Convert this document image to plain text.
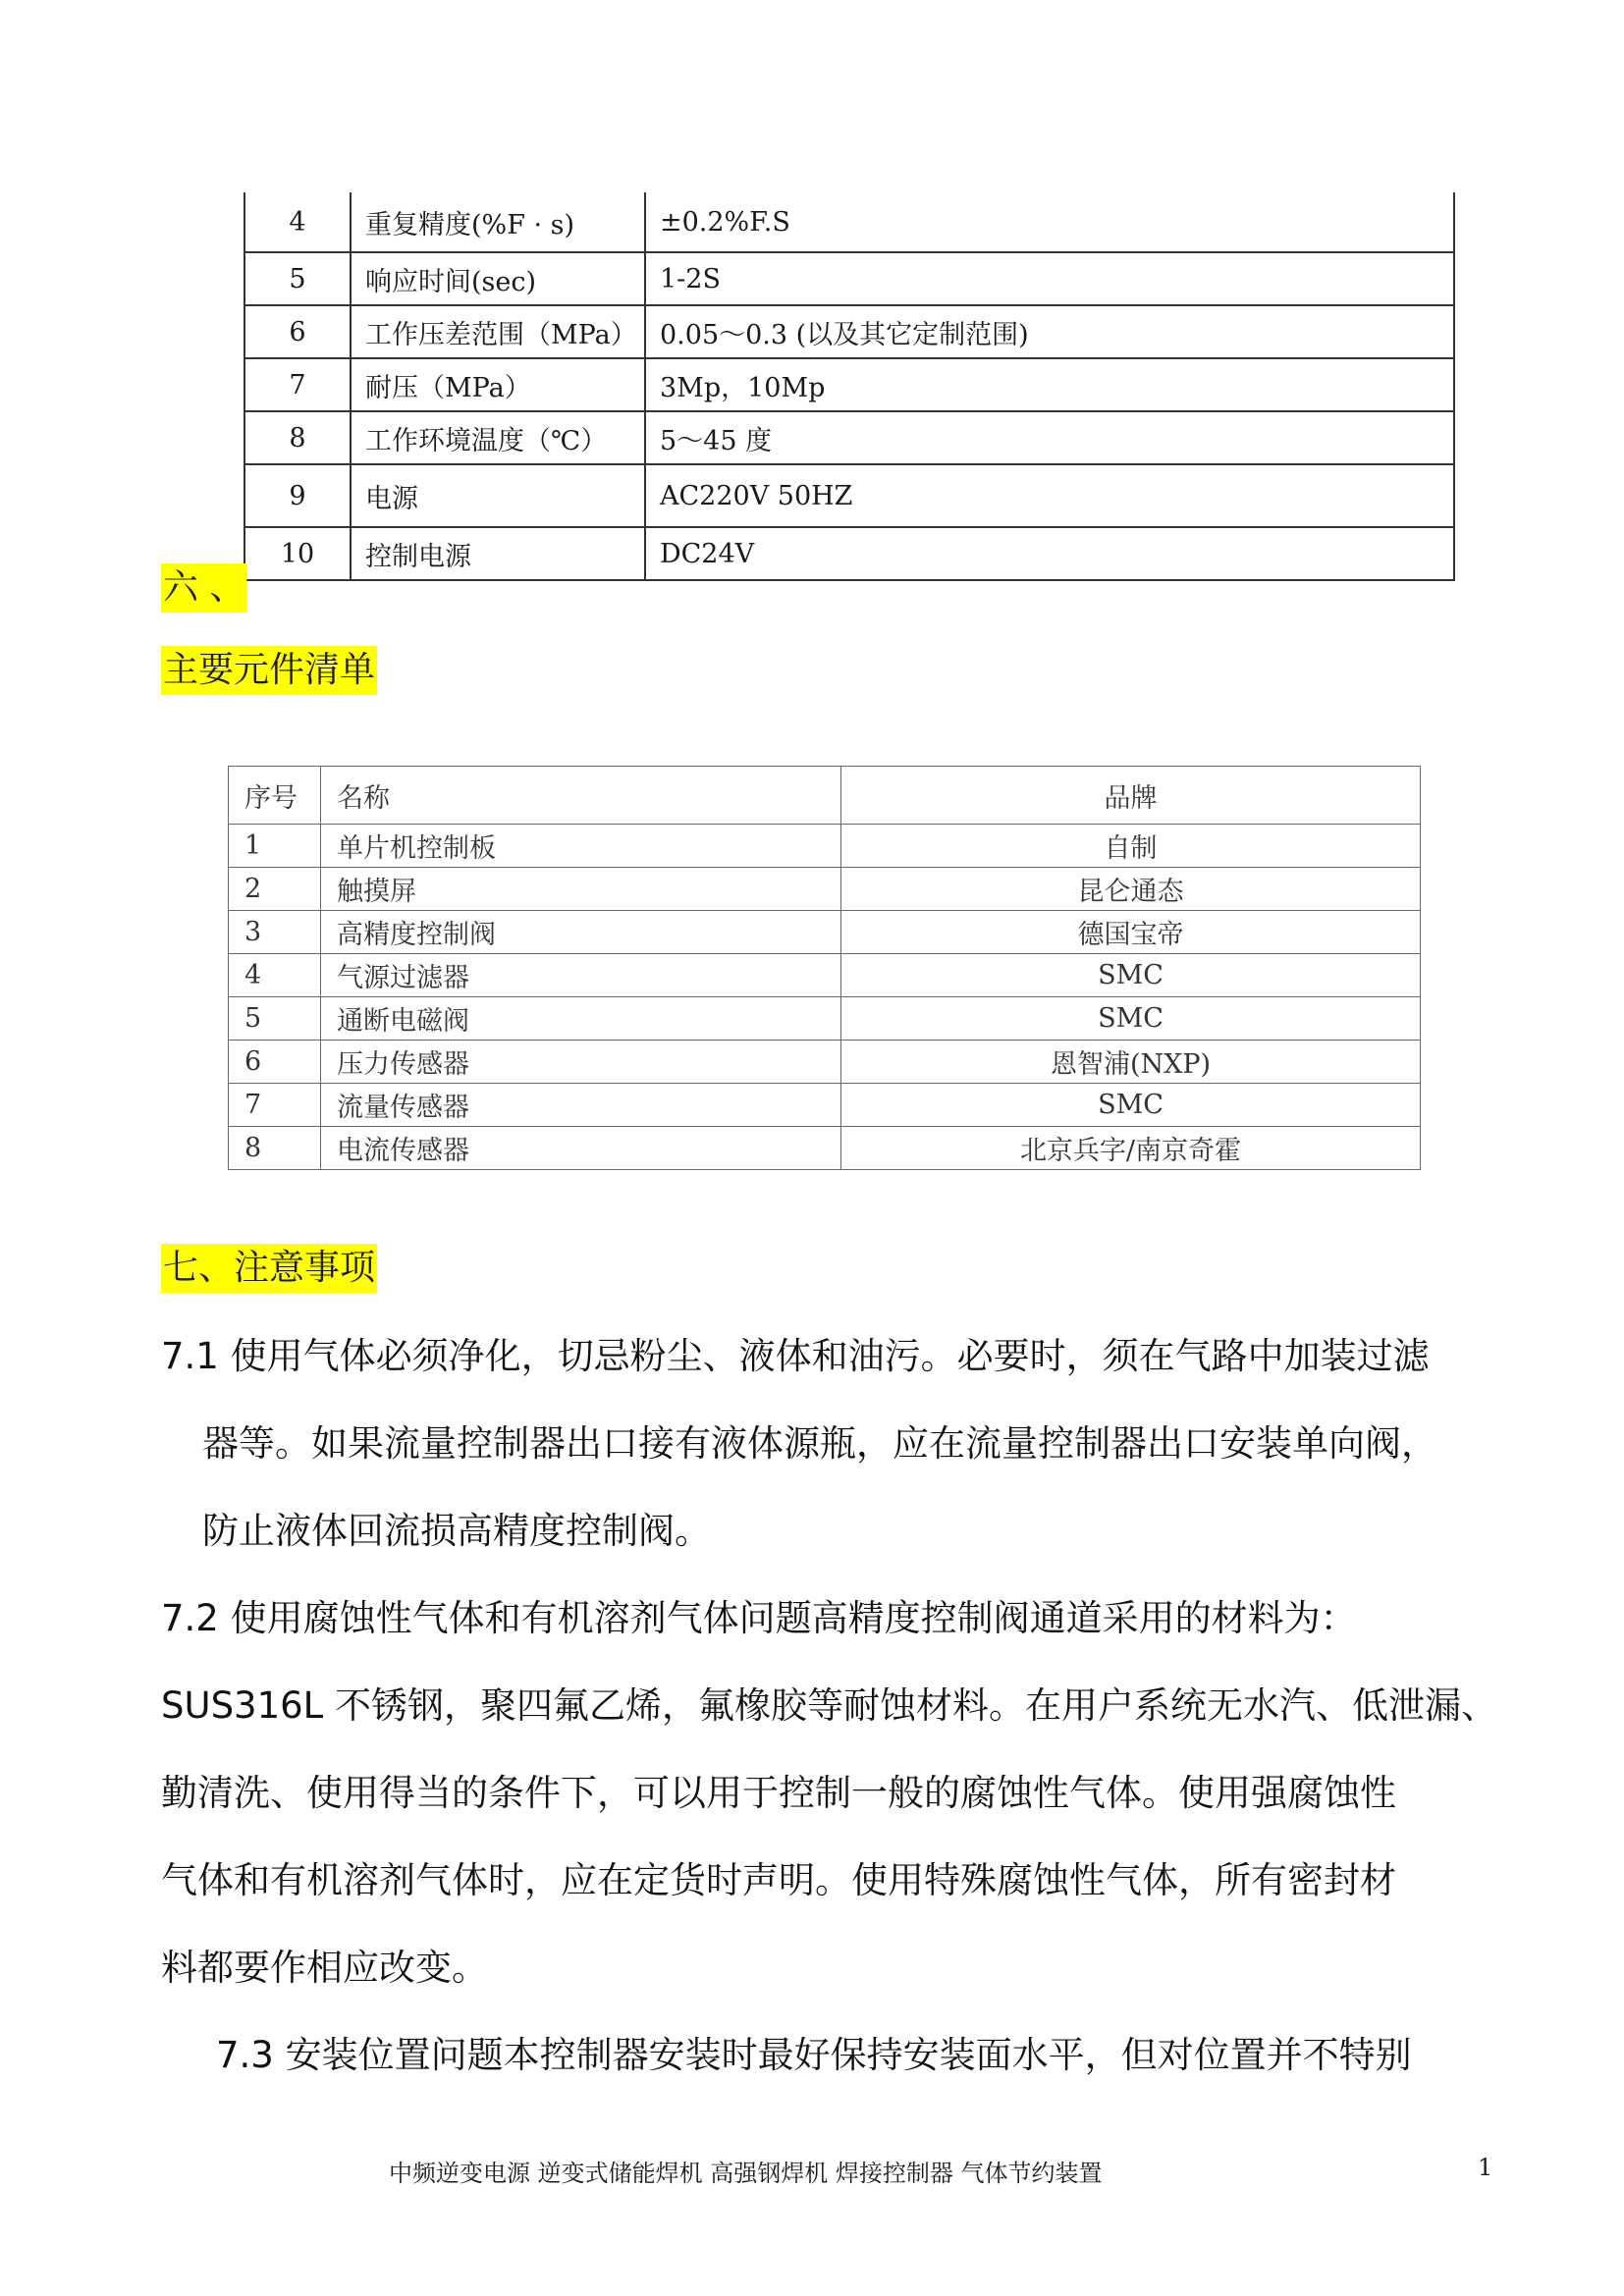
4	重复精度(%F · s)	±0.2%F.S
5	响应时间(sec)	1-2S
6	工作压差范围（MPa）	0.05～0.3 (以及其它定制范围)
7	耐压（MPa）	3Mp，10Mp
8	工作环境温度（℃）	5～45 度
9	电源	AC220V 50HZ
10	控制电源	DC24V
六 、
主要元件清单
序号	名称	品牌
1	单片机控制板	自制
2	触摸屏	昆仑通态
3	高精度控制阀	德国宝帝
4	气源过滤器	SMC
5	通断电磁阀	SMC
6	压力传感器	恩智浦(NXP)
7	流量传感器	SMC
8	电流传感器	北京兵字/南京奇霍
七、注意事项
7.1 使用气体必须净化，切忌粉尘、液体和油污。必要时，须在气路中加装过滤
器等。如果流量控制器出口接有液体源瓶，应在流量控制器出口安装单向阀，
防止液体回流损高精度控制阀。
7.2 使用腐蚀性气体和有机溶剂气体问题高精度控制阀通道采用的材料为：
SUS316L 不锈钢，聚四氟乙烯，氟橡胶等耐蚀材料。在用户系统无水汽、低泄漏、
勤清洗、使用得当的条件下，可以用于控制一般的腐蚀性气体。使用强腐蚀性
气体和有机溶剂气体时，应在定货时声明。使用特殊腐蚀性气体，所有密封材
料都要作相应改变。
7.3 安装位置问题本控制器安装时最好保持安装面水平，但对位置并不特别
中频逆变电源 逆变式储能焊机 高强钢焊机 焊接控制器 气体节约装置	1
